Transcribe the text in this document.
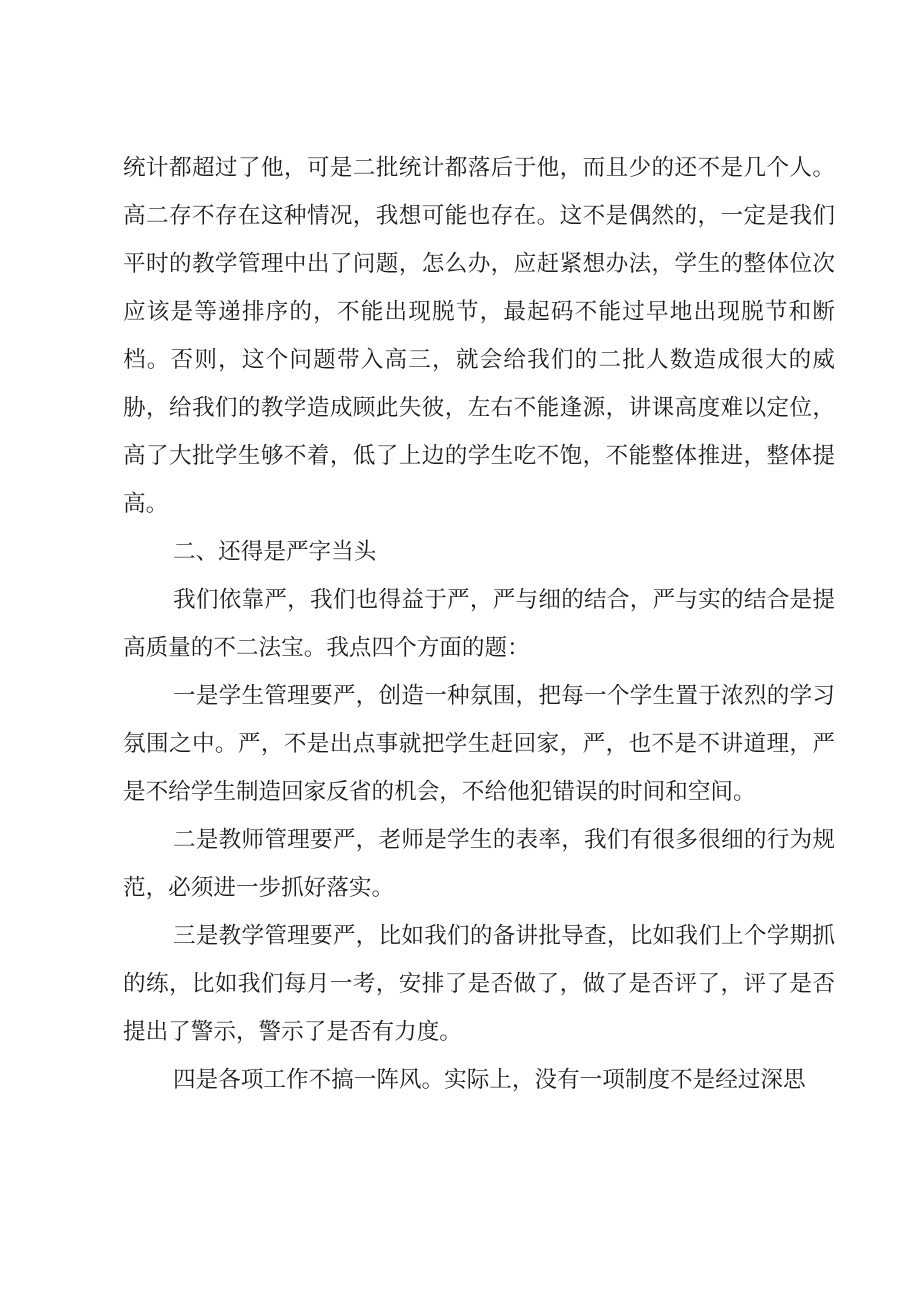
统计都超过了他，可是二批统计都落后于他，而且少的还不是几个人。高二存不存在这种情况，我想可能也存在。这不是偶然的，一定是我们平时的教学管理中出了问题，怎么办，应赶紧想办法，学生的整体位次应该是等递排序的，不能出现脱节，最起码不能过早地出现脱节和断档。否则，这个问题带入高三，就会给我们的二批人数造成很大的威胁，给我们的教学造成顾此失彼，左右不能逢源，讲课高度难以定位，高了大批学生够不着，低了上边的学生吃不饱，不能整体推进，整体提高。

二、还得是严字当头

我们依靠严，我们也得益于严，严与细的结合，严与实的结合是提高质量的不二法宝。我点四个方面的题：

一是学生管理要严，创造一种氛围，把每一个学生置于浓烈的学习氛围之中。严，不是出点事就把学生赶回家，严，也不是不讲道理，严是不给学生制造回家反省的机会，不给他犯错误的时间和空间。

二是教师管理要严，老师是学生的表率，我们有很多很细的行为规范，必须进一步抓好落实。

三是教学管理要严，比如我们的备讲批导查，比如我们上个学期抓的练，比如我们每月一考，安排了是否做了，做了是否评了，评了是否提出了警示，警示了是否有力度。

四是各项工作不搞一阵风。实际上，没有一项制度不是经过深思
